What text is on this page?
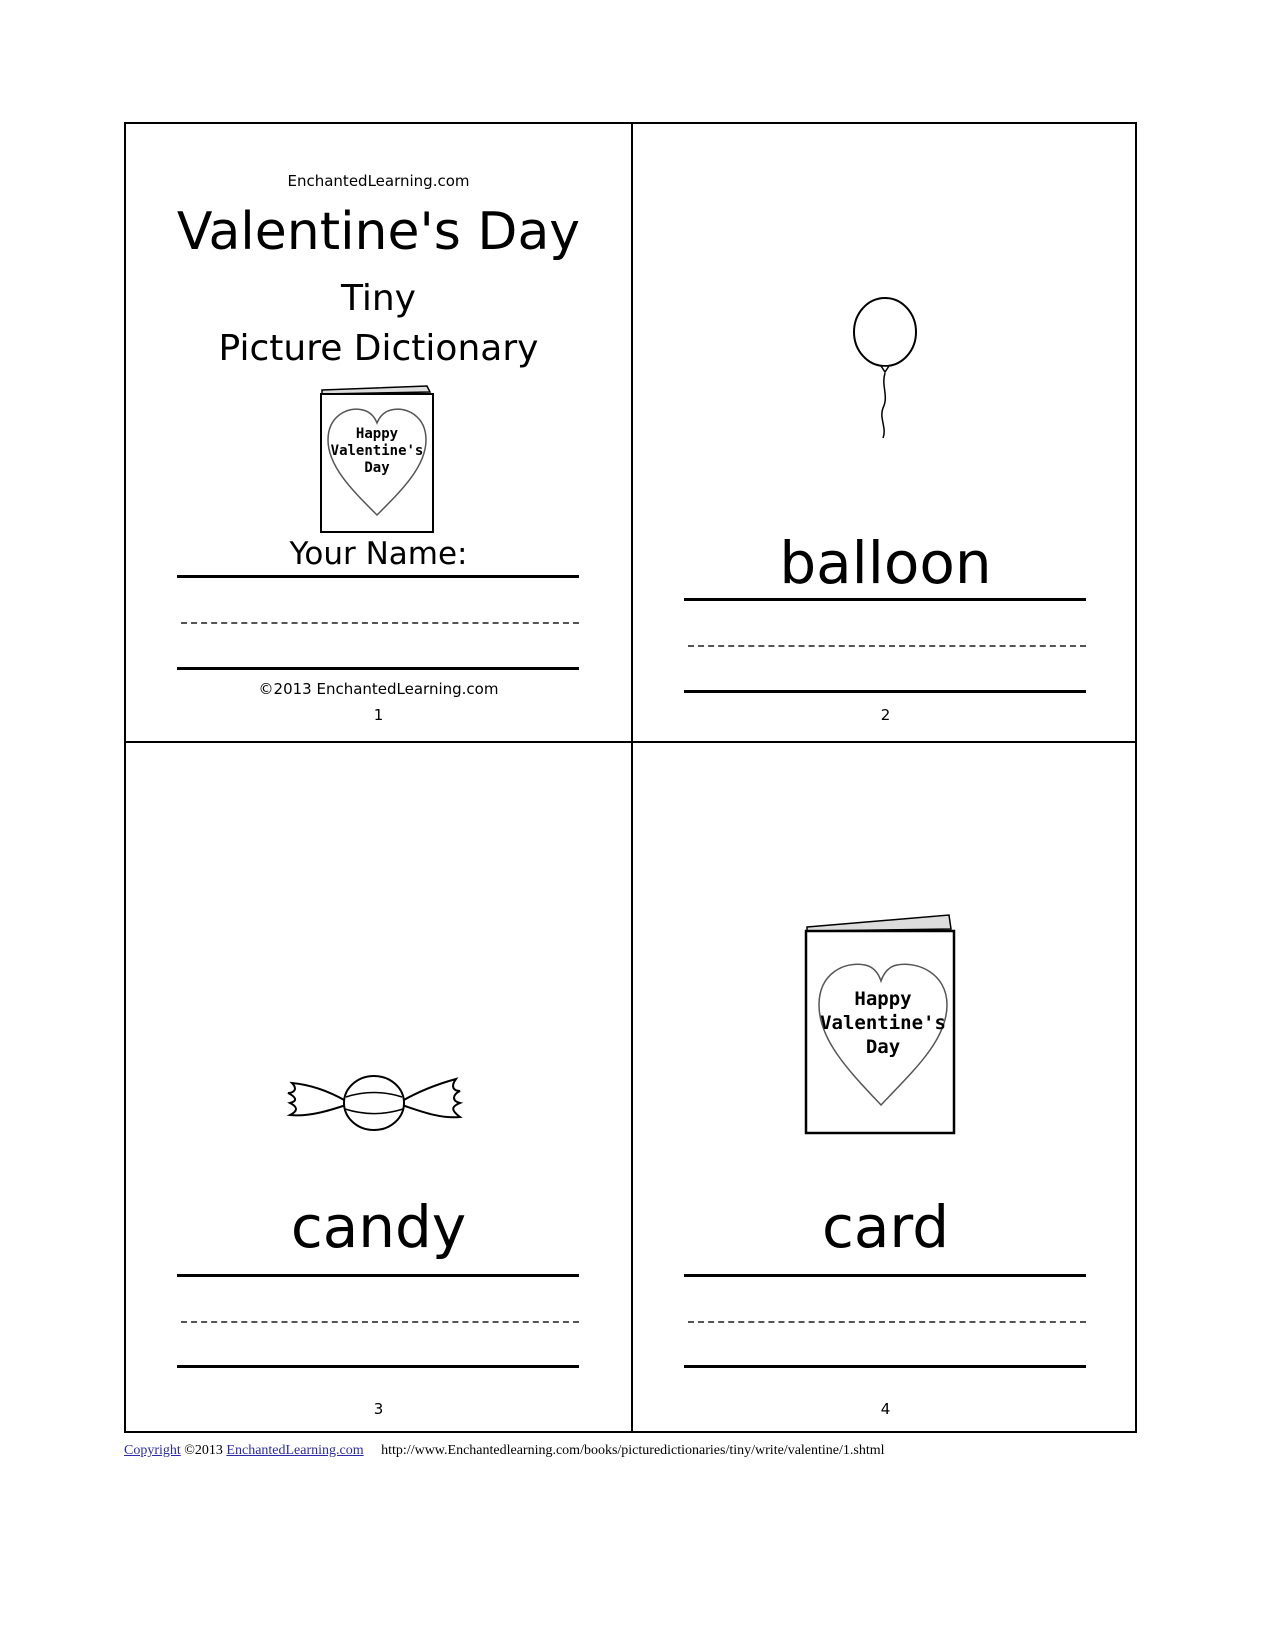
EnchantedLearning.com
Valentine's Day
Tiny
Picture Dictionary
Happy
Valentine's
Day
Your Name:
©2013 EnchantedLearning.com
1
balloon
2
candy
3
Happy
Valentine's
Day
card
4
Copyright ©2013 EnchantedLearning.com http://www.Enchantedlearning.com/books/picturedictionaries/tiny/write/valentine/1.shtml
